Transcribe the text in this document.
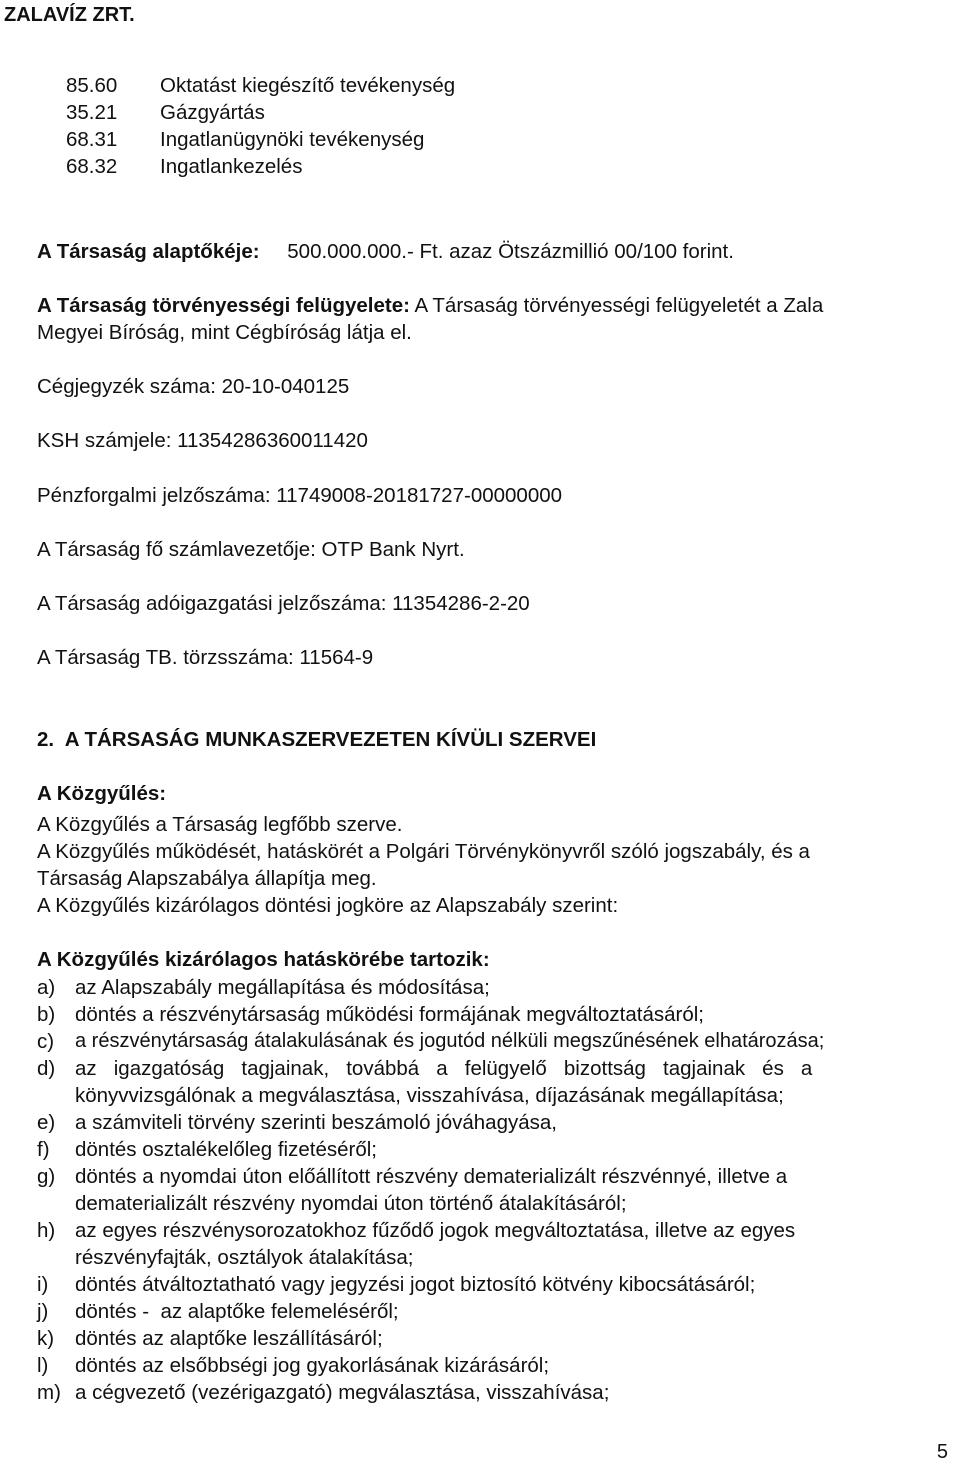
ZALAVÍZ ZRT.
85.60 Oktatást kiegészítő tevékenység
35.21 Gázgyártás
68.31 Ingatlanügynöki tevékenység
68.32 Ingatlankezelés
A Társaság alaptőkéje: 500.000.000.- Ft. azaz Ötszázmillió 00/100 forint.
A Társaság törvényességi felügyelete: A Társaság törvényességi felügyeletét a Zala
Megyei Bíróság, mint Cégbíróság látja el.
Cégjegyzék száma: 20-10-040125
KSH számjele: 11354286360011420
Pénzforgalmi jelzőszáma: 11749008-20181727-00000000
A Társaság fő számlavezetője: OTP Bank Nyrt.
A Társaság adóigazgatási jelzőszáma: 11354286-2-20
A Társaság TB. törzsszáma: 11564-9
2.  A TÁRSASÁG MUNKASZERVEZETEN KÍVÜLI SZERVEI
A Közgyűlés:
A Közgyűlés a Társaság legfőbb szerve.
A Közgyűlés működését, hatáskörét a Polgári Törvénykönyvről szóló jogszabály, és a
Társaság Alapszabálya állapítja meg.
A Közgyűlés kizárólagos döntési jogköre az Alapszabály szerint:
A Közgyűlés kizárólagos hatáskörébe tartozik:
a) az Alapszabály megállapítása és módosítása;
b) döntés a részvénytársaság működési formájának megváltoztatásáról;
c) a részvénytársaság átalakulásának és jogutód nélküli megszűnésének elhatározása;
d) az   igazgatóság   tagjainak,   továbbá   a   felügyelő   bizottság   tagjainak   és   a
könyvvizsgálónak a megválasztása, visszahívása, díjazásának megállapítása;
e) a számviteli törvény szerinti beszámoló jóváhagyása,
f) döntés osztalékelőleg fizetéséről;
g) döntés a nyomdai úton előállított részvény dematerializált részvénnyé, illetve a
dematerializált részvény nyomdai úton történő átalakításáról;
h) az egyes részvénysorozatokhoz fűződő jogok megváltoztatása, illetve az egyes
részvényfajták, osztályok átalakítása;
i) döntés átváltoztatható vagy jegyzési jogot biztosító kötvény kibocsátásáról;
j) döntés -  az alaptőke felemeléséről;
k) döntés az alaptőke leszállításáról;
l) döntés az elsőbbségi jog gyakorlásának kizárásáról;
m) a cégvezető (vezérigazgató) megválasztása, visszahívása;
5
